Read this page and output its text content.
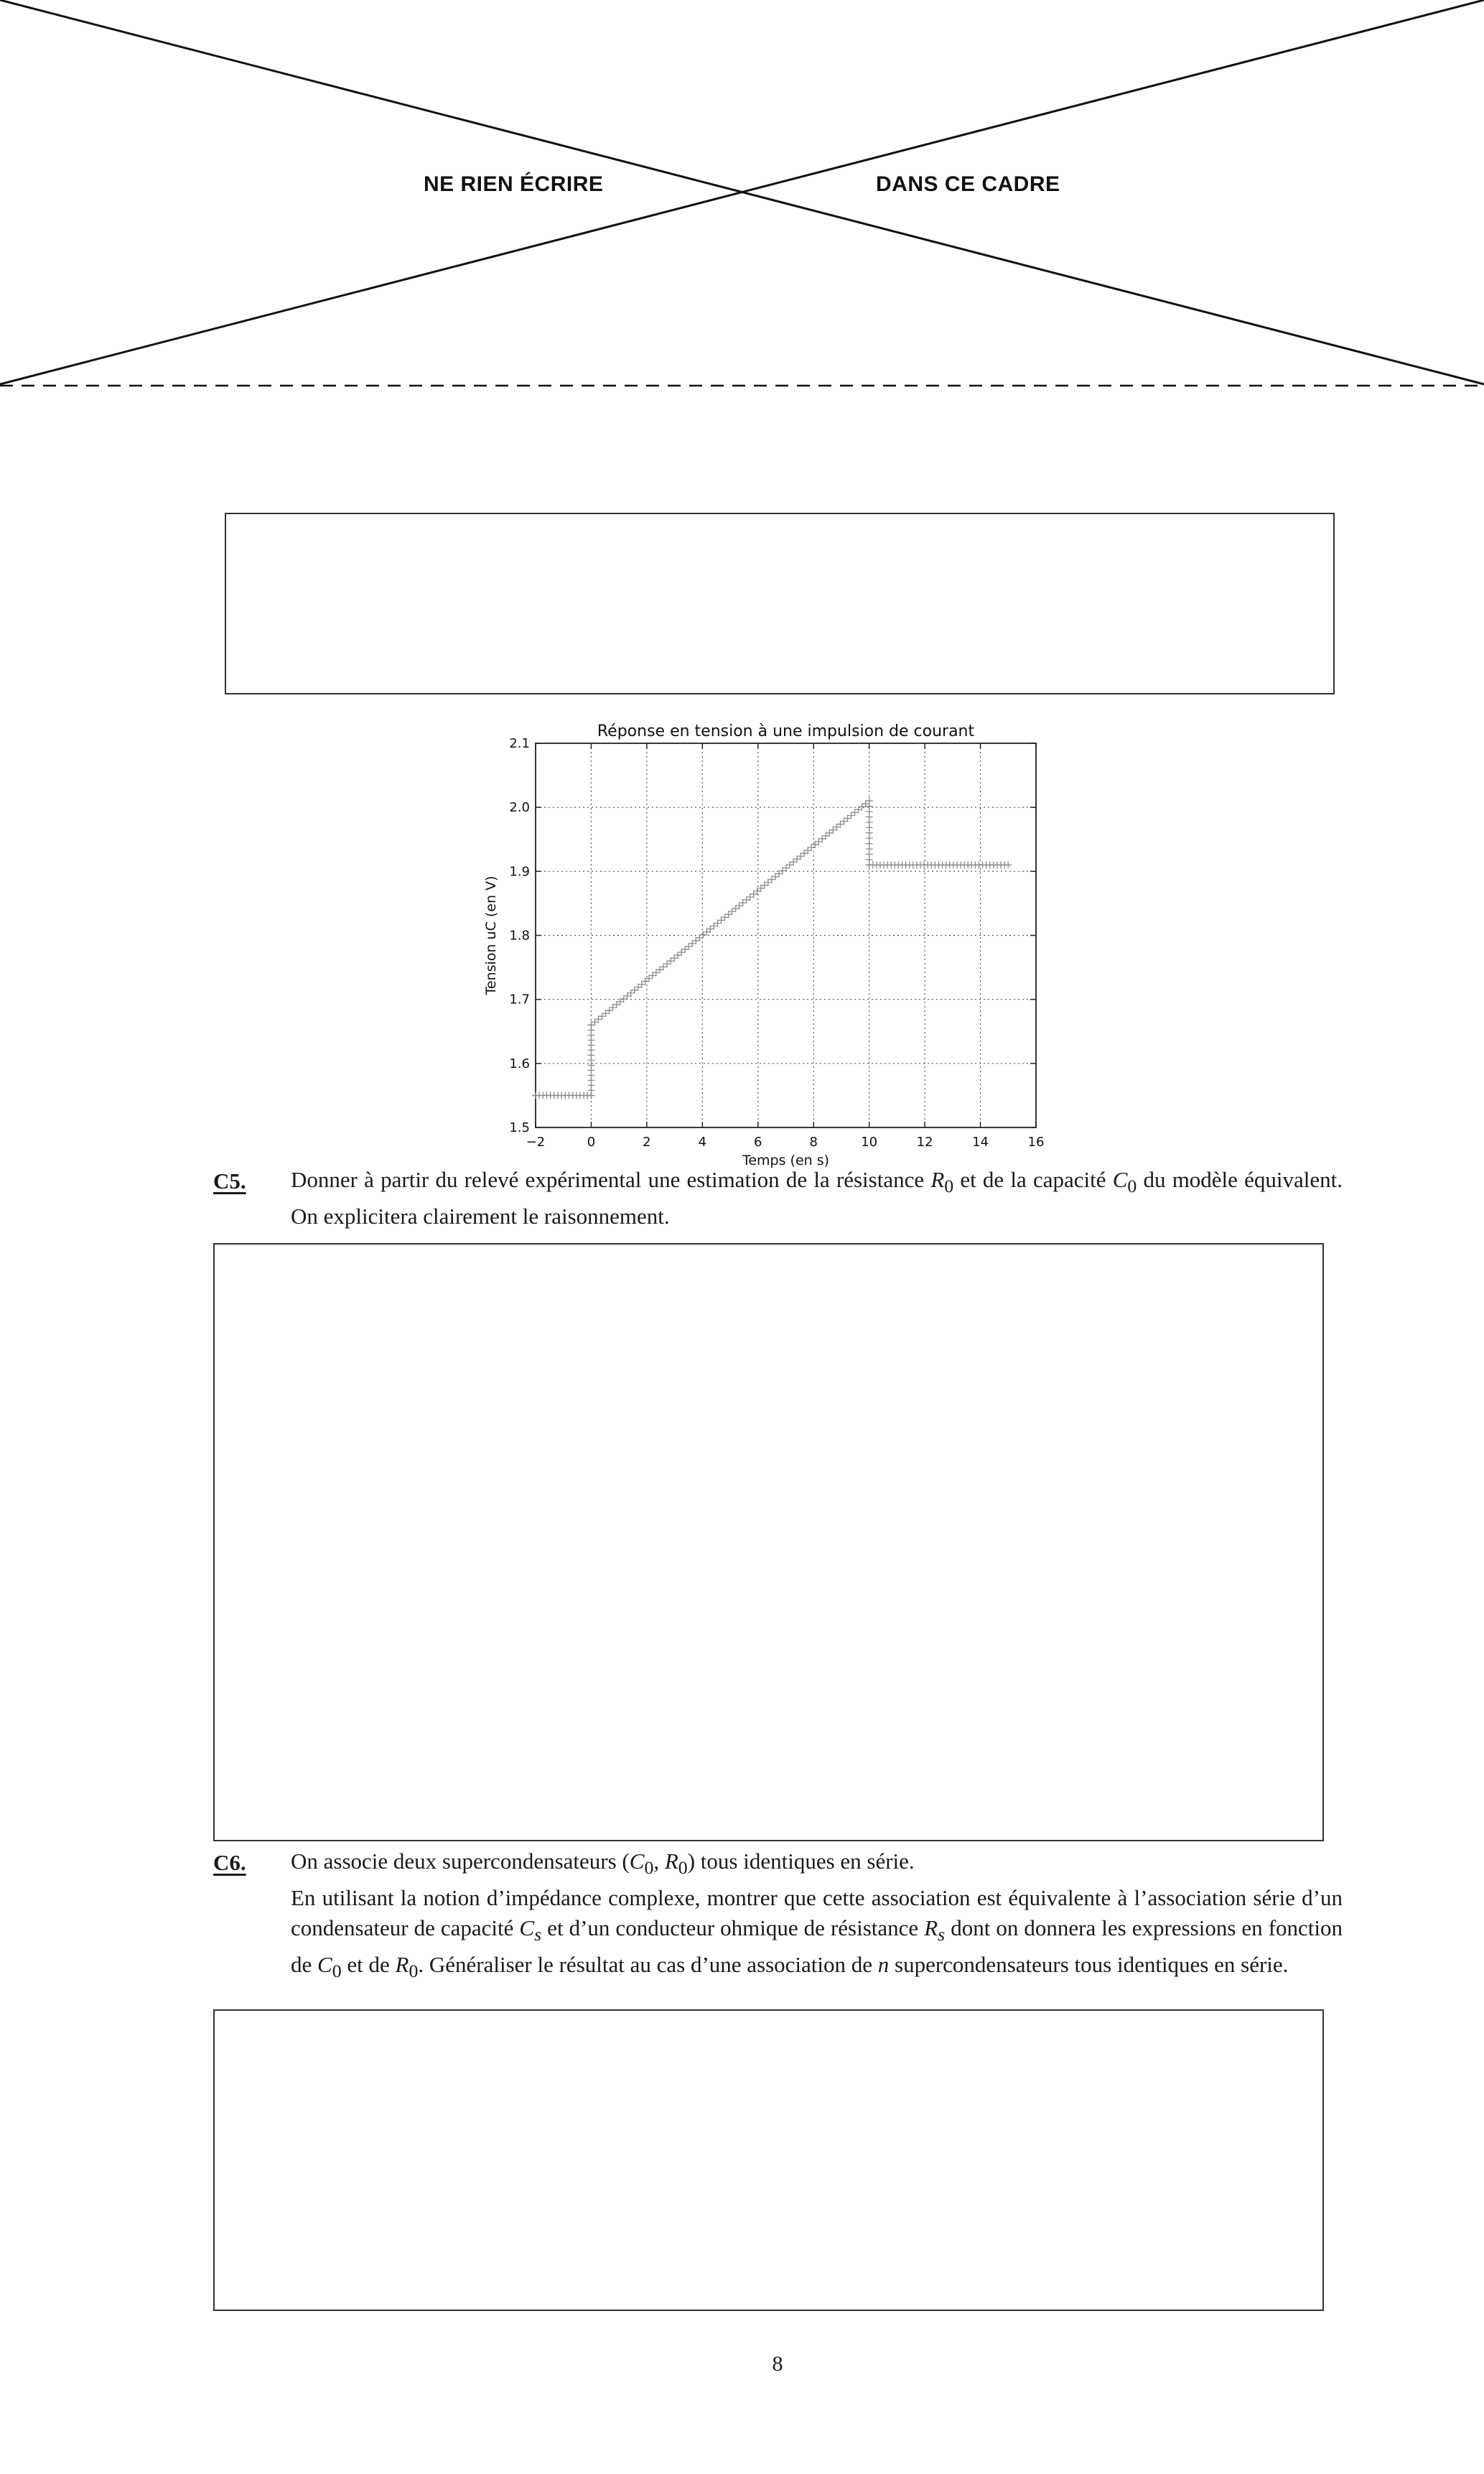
NE RIEN ÉCRIRE	DANS CE CADRE
−2	0	2	4	6	8	10	12	14	16
1.5
1.6
1.7
1.8
1.9
2.0
2.1
Réponse en tension à une impulsion de courant
Temps (en s)
Tension uC (en V)
C5. Donner à partir du relevé expérimental une estimation de la résistance $R_0$ et de la capacité $C_0$ du modèle équivalent. On explicitera clairement le raisonnement.

C6. On associe deux supercondensateurs ($C_0$, $R_0$) tous identiques en série.

En utilisant la notion d’impédance complexe, montrer que cette association est équivalente à l’association série d’un condensateur de capacité $C_s$ et d’un conducteur ohmique de résistance $R_s$ dont on donnera les expressions en fonction de $C_0$ et de $R_0$. Généraliser le résultat au cas d’une association de n supercondensateurs tous identiques en série.

8
